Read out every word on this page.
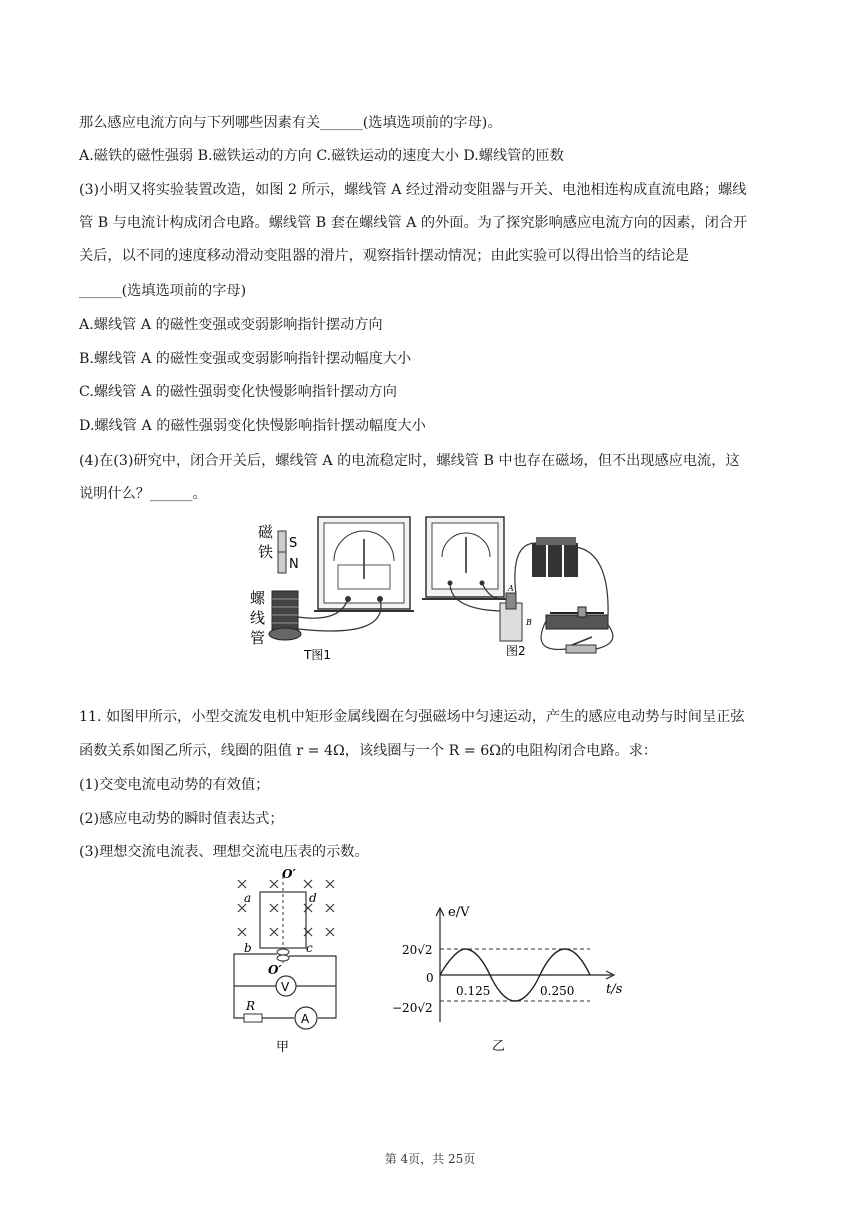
那么感应电流方向与下列哪些因素有关______(选填选项前的字母)。
A.磁铁的磁性强弱 B.磁铁运动的方向 C.磁铁运动的速度大小 D.螺线管的匝数
(3)小明又将实验装置改造，如图 2 所示，螺线管 A 经过滑动变阻器与开关、电池相连构成直流电路；螺线
管 B 与电流计构成闭合电路。螺线管 B 套在螺线管 A 的外面。为了探究影响感应电流方向的因素，闭合开
关后，以不同的速度移动滑动变阻器的滑片，观察指针摆动情况；由此实验可以得出恰当的结论是
______(选填选项前的字母)
A.螺线管 A 的磁性变强或变弱影响指针摆动方向
B.螺线管 A 的磁性变强或变弱影响指针摆动幅度大小
C.螺线管 A 的磁性强弱变化快慢影响指针摆动方向
D.螺线管 A 的磁性强弱变化快慢影响指针摆动幅度大小
(4)在(3)研究中，闭合开关后，螺线管 A 的电流稳定时，螺线管 B 中也存在磁场，但不出现感应电流，这
说明什么？______。
磁
铁 S
N
螺
线
管
T图1
A
B
图2
11. 如图甲所示，小型交流发电机中矩形金属线圈在匀强磁场中匀速运动，产生的感应电动势与时间呈正弦
函数关系如图乙所示，线圈的阻值 r = 4Ω，该线圈与一个 R = 6Ω的电阻构闭合电路。求：
(1)交变电流电动势的有效值；
(2)感应电动势的瞬时值表达式；
(3)理想交流电流表、理想交流电压表的示数。
O′
a	d
b	c
O′
V
R
A
甲
e/V
t/s
20√2
−20√2
0
0.125	0.250
乙
第 4页，共 25页
